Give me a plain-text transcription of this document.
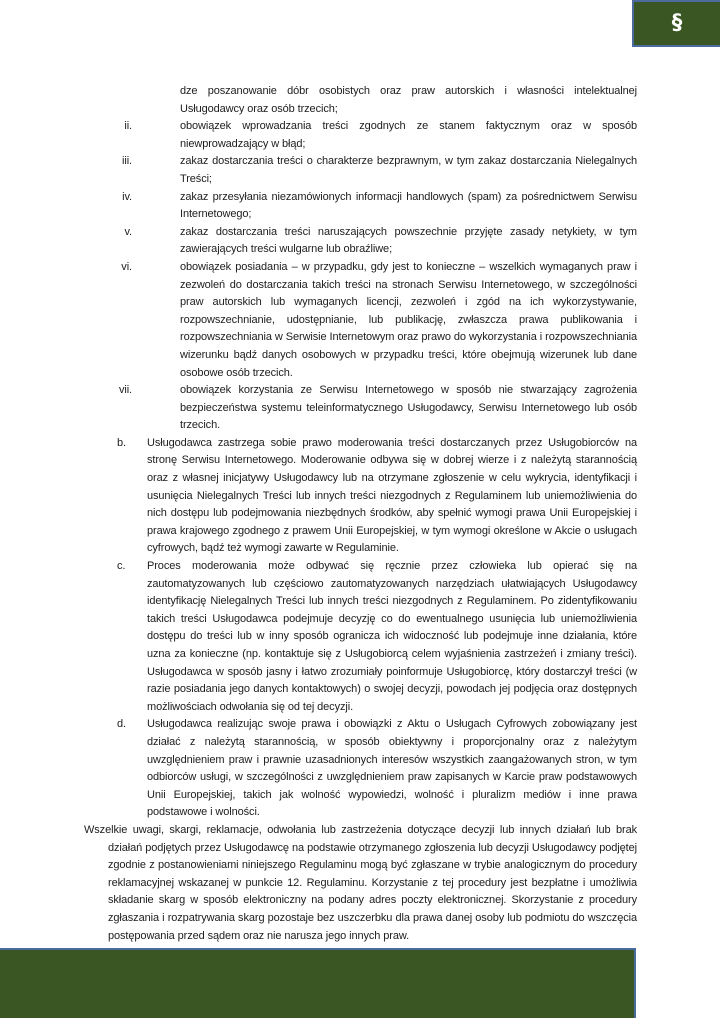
§
dze poszanowanie dóbr osobistych oraz praw autorskich i własności intelektualnej Usługodawcy oraz osób trzecich;
ii.	obowiązek wprowadzania treści zgodnych ze stanem faktycznym oraz w sposób niewprowadzający w błąd;
iii.	zakaz dostarczania treści o charakterze bezprawnym, w tym zakaz dostarczania Nielegalnych Treści;
iv.	zakaz przesyłania niezamówionych informacji handlowych (spam) za pośrednictwem Serwisu Internetowego;
v.	zakaz dostarczania treści naruszających powszechnie przyjęte zasady netykiety, w tym zawierających treści wulgarne lub obraźliwe;
vi.	obowiązek posiadania – w przypadku, gdy jest to konieczne – wszelkich wymaganych praw i zezwoleń do dostarczania takich treści na stronach Serwisu Internetowego, w szczególności praw autorskich lub wymaganych licencji, zezwoleń i zgód na ich wykorzystywanie, rozpowszechnianie, udostępnianie, lub publikację, zwłaszcza prawa publikowania i rozpowszechniania w Serwisie Internetowym oraz prawo do wykorzystania i rozpowszechniania wizerunku bądź danych osobowych w przypadku treści, które obejmują wizerunek lub dane osobowe osób trzecich.
vii.	obowiązek korzystania ze Serwisu Internetowego w sposób nie stwarzający zagrożenia bezpieczeństwa systemu teleinformatycznego Usługodawcy, Serwisu Internetowego lub osób trzecich.
b.	Usługodawca zastrzega sobie prawo moderowania treści dostarczanych przez Usługobiorców na stronę Serwisu Internetowego. Moderowanie odbywa się w dobrej wierze i z należytą starannością oraz z własnej inicjatywy Usługodawcy lub na otrzymane zgłoszenie w celu wykrycia, identyfikacji i usunięcia Nielegalnych Treści lub innych treści niezgodnych z Regulaminem lub uniemożliwienia do nich dostępu lub podejmowania niezbędnych środków, aby spełnić wymogi prawa Unii Europejskiej i prawa krajowego zgodnego z prawem Unii Europejskiej, w tym wymogi określone w Akcie o usługach cyfrowych, bądź też wymogi zawarte w Regulaminie.
c.	Proces moderowania może odbywać się ręcznie przez człowieka lub opierać się na zautomatyzowanych lub częściowo zautomatyzowanych narzędziach ułatwiających Usługodawcy identyfikację Nielegalnych Treści lub innych treści niezgodnych z Regulaminem. Po zidentyfikowaniu takich treści Usługodawca podejmuje decyzję co do ewentualnego usunięcia lub uniemożliwienia dostępu do treści lub w inny sposób ogranicza ich widoczność lub podejmuje inne działania, które uzna za konieczne (np. kontaktuje się z Usługobiorcą celem wyjaśnienia zastrzeżeń i zmiany treści). Usługodawca w sposób jasny i łatwo zrozumiały poinformuje Usługobiorcę, który dostarczył treści (w razie posiadania jego danych kontaktowych) o swojej decyzji, powodach jej podjęcia oraz dostępnych możliwościach odwołania się od tej decyzji.
d.	Usługodawca realizując swoje prawa i obowiązki z Aktu o Usługach Cyfrowych zobowiązany jest działać z należytą starannością, w sposób obiektywny i proporcjonalny oraz z należytym uwzględnieniem praw i prawnie uzasadnionych interesów wszystkich zaangażowanych stron, w tym odbiorców usługi, w szczególności z uwzględnieniem praw zapisanych w Karcie praw podstawowych Unii Europejskiej, takich jak wolność wypowiedzi, wolność i pluralizm mediów i inne prawa podstawowe i wolności.

Wszelkie uwagi, skargi, reklamacje, odwołania lub zastrzeżenia dotyczące decyzji lub innych działań lub brak działań podjętych przez Usługodawcę na podstawie otrzymanego zgłoszenia lub decyzji Usługodawcy podjętej zgodnie z postanowieniami niniejszego Regulaminu mogą być zgłaszane w trybie analogicznym do procedury reklamacyjnej wskazanej w punkcie 12. Regulaminu. Korzystanie z tej procedury jest bezpłatne i umożliwia składanie skarg w sposób elektroniczny na podany adres poczty elektronicznej. Skorzystanie z procedury zgłaszania i rozpatrywania skarg pozostaje bez uszczerbku dla prawa danej osoby lub podmiotu do wszczęcia postępowania przed sądem oraz nie narusza jego innych praw.
